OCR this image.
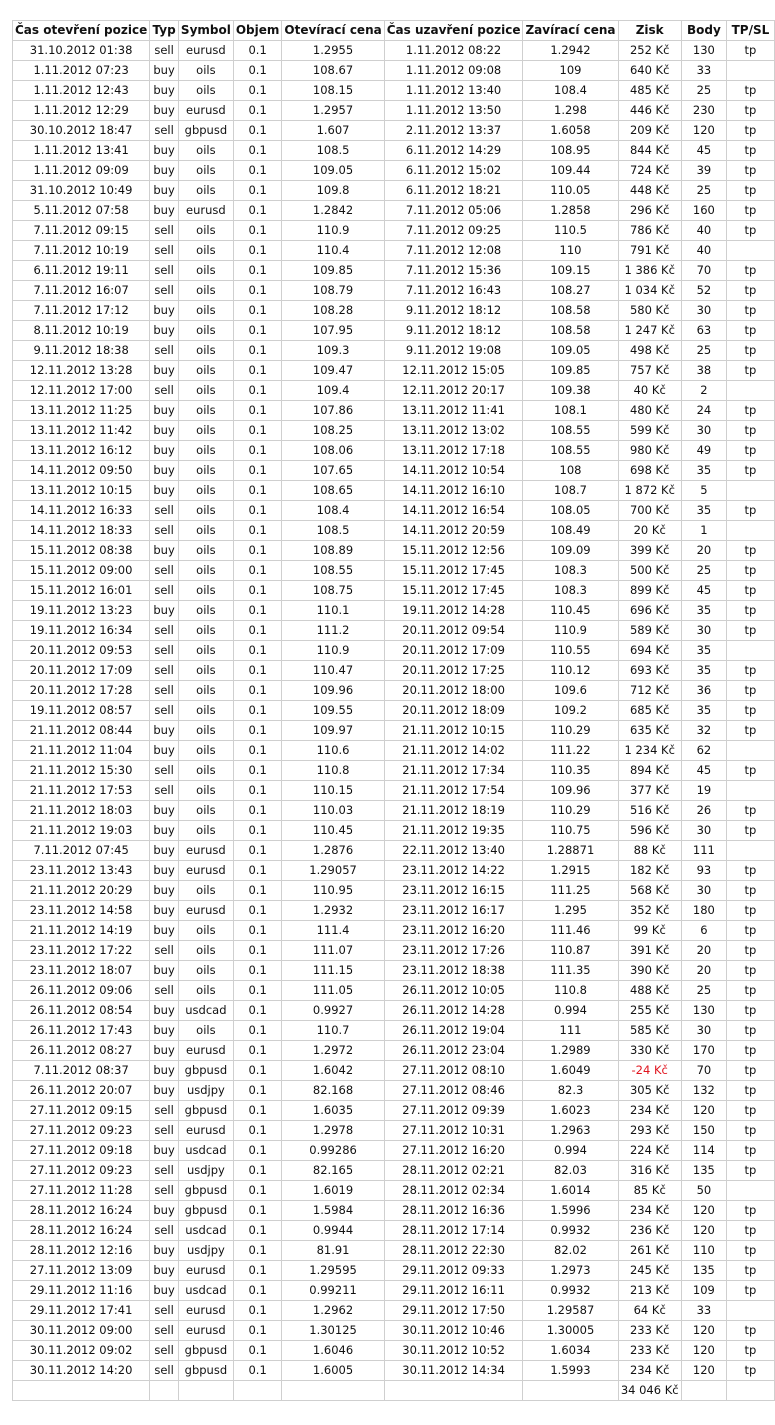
Čas otevření pozice	Typ	Symbol	Objem	Otevírací cena	Čas uzavření pozice	Zavírací cena	Zisk	Body	TP/SL
31.10.2012 01:38	sell	eurusd	0.1	1.2955	1.11.2012 08:22	1.2942	252 Kč	130	tp
1.11.2012 07:23	buy	oils	0.1	108.67	1.11.2012 09:08	109	640 Kč	33	
1.11.2012 12:43	buy	oils	0.1	108.15	1.11.2012 13:40	108.4	485 Kč	25	tp
1.11.2012 12:29	buy	eurusd	0.1	1.2957	1.11.2012 13:50	1.298	446 Kč	230	tp
30.10.2012 18:47	sell	gbpusd	0.1	1.607	2.11.2012 13:37	1.6058	209 Kč	120	tp
1.11.2012 13:41	buy	oils	0.1	108.5	6.11.2012 14:29	108.95	844 Kč	45	tp
1.11.2012 09:09	buy	oils	0.1	109.05	6.11.2012 15:02	109.44	724 Kč	39	tp
31.10.2012 10:49	buy	oils	0.1	109.8	6.11.2012 18:21	110.05	448 Kč	25	tp
5.11.2012 07:58	buy	eurusd	0.1	1.2842	7.11.2012 05:06	1.2858	296 Kč	160	tp
7.11.2012 09:15	sell	oils	0.1	110.9	7.11.2012 09:25	110.5	786 Kč	40	tp
7.11.2012 10:19	sell	oils	0.1	110.4	7.11.2012 12:08	110	791 Kč	40	
6.11.2012 19:11	sell	oils	0.1	109.85	7.11.2012 15:36	109.15	1 386 Kč	70	tp
7.11.2012 16:07	sell	oils	0.1	108.79	7.11.2012 16:43	108.27	1 034 Kč	52	tp
7.11.2012 17:12	buy	oils	0.1	108.28	9.11.2012 18:12	108.58	580 Kč	30	tp
8.11.2012 10:19	buy	oils	0.1	107.95	9.11.2012 18:12	108.58	1 247 Kč	63	tp
9.11.2012 18:38	sell	oils	0.1	109.3	9.11.2012 19:08	109.05	498 Kč	25	tp
12.11.2012 13:28	buy	oils	0.1	109.47	12.11.2012 15:05	109.85	757 Kč	38	tp
12.11.2012 17:00	sell	oils	0.1	109.4	12.11.2012 20:17	109.38	40 Kč	2	
13.11.2012 11:25	buy	oils	0.1	107.86	13.11.2012 11:41	108.1	480 Kč	24	tp
13.11.2012 11:42	buy	oils	0.1	108.25	13.11.2012 13:02	108.55	599 Kč	30	tp
13.11.2012 16:12	buy	oils	0.1	108.06	13.11.2012 17:18	108.55	980 Kč	49	tp
14.11.2012 09:50	buy	oils	0.1	107.65	14.11.2012 10:54	108	698 Kč	35	tp
13.11.2012 10:15	buy	oils	0.1	108.65	14.11.2012 16:10	108.7	1 872 Kč	5	
14.11.2012 16:33	sell	oils	0.1	108.4	14.11.2012 16:54	108.05	700 Kč	35	tp
14.11.2012 18:33	sell	oils	0.1	108.5	14.11.2012 20:59	108.49	20 Kč	1	
15.11.2012 08:38	buy	oils	0.1	108.89	15.11.2012 12:56	109.09	399 Kč	20	tp
15.11.2012 09:00	sell	oils	0.1	108.55	15.11.2012 17:45	108.3	500 Kč	25	tp
15.11.2012 16:01	sell	oils	0.1	108.75	15.11.2012 17:45	108.3	899 Kč	45	tp
19.11.2012 13:23	buy	oils	0.1	110.1	19.11.2012 14:28	110.45	696 Kč	35	tp
19.11.2012 16:34	sell	oils	0.1	111.2	20.11.2012 09:54	110.9	589 Kč	30	tp
20.11.2012 09:53	sell	oils	0.1	110.9	20.11.2012 17:09	110.55	694 Kč	35	
20.11.2012 17:09	sell	oils	0.1	110.47	20.11.2012 17:25	110.12	693 Kč	35	tp
20.11.2012 17:28	sell	oils	0.1	109.96	20.11.2012 18:00	109.6	712 Kč	36	tp
19.11.2012 08:57	sell	oils	0.1	109.55	20.11.2012 18:09	109.2	685 Kč	35	tp
21.11.2012 08:44	buy	oils	0.1	109.97	21.11.2012 10:15	110.29	635 Kč	32	tp
21.11.2012 11:04	buy	oils	0.1	110.6	21.11.2012 14:02	111.22	1 234 Kč	62	
21.11.2012 15:30	sell	oils	0.1	110.8	21.11.2012 17:34	110.35	894 Kč	45	tp
21.11.2012 17:53	sell	oils	0.1	110.15	21.11.2012 17:54	109.96	377 Kč	19	
21.11.2012 18:03	buy	oils	0.1	110.03	21.11.2012 18:19	110.29	516 Kč	26	tp
21.11.2012 19:03	buy	oils	0.1	110.45	21.11.2012 19:35	110.75	596 Kč	30	tp
7.11.2012 07:45	buy	eurusd	0.1	1.2876	22.11.2012 13:40	1.28871	88 Kč	111	
23.11.2012 13:43	buy	eurusd	0.1	1.29057	23.11.2012 14:22	1.2915	182 Kč	93	tp
21.11.2012 20:29	buy	oils	0.1	110.95	23.11.2012 16:15	111.25	568 Kč	30	tp
23.11.2012 14:58	buy	eurusd	0.1	1.2932	23.11.2012 16:17	1.295	352 Kč	180	tp
21.11.2012 14:19	buy	oils	0.1	111.4	23.11.2012 16:20	111.46	99 Kč	6	tp
23.11.2012 17:22	sell	oils	0.1	111.07	23.11.2012 17:26	110.87	391 Kč	20	tp
23.11.2012 18:07	buy	oils	0.1	111.15	23.11.2012 18:38	111.35	390 Kč	20	tp
26.11.2012 09:06	sell	oils	0.1	111.05	26.11.2012 10:05	110.8	488 Kč	25	tp
26.11.2012 08:54	buy	usdcad	0.1	0.9927	26.11.2012 14:28	0.994	255 Kč	130	tp
26.11.2012 17:43	buy	oils	0.1	110.7	26.11.2012 19:04	111	585 Kč	30	tp
26.11.2012 08:27	buy	eurusd	0.1	1.2972	26.11.2012 23:04	1.2989	330 Kč	170	tp
7.11.2012 08:37	buy	gbpusd	0.1	1.6042	27.11.2012 08:10	1.6049	-24 Kč	70	tp
26.11.2012 20:07	buy	usdjpy	0.1	82.168	27.11.2012 08:46	82.3	305 Kč	132	tp
27.11.2012 09:15	sell	gbpusd	0.1	1.6035	27.11.2012 09:39	1.6023	234 Kč	120	tp
27.11.2012 09:23	sell	eurusd	0.1	1.2978	27.11.2012 10:31	1.2963	293 Kč	150	tp
27.11.2012 09:18	buy	usdcad	0.1	0.99286	27.11.2012 16:20	0.994	224 Kč	114	tp
27.11.2012 09:23	sell	usdjpy	0.1	82.165	28.11.2012 02:21	82.03	316 Kč	135	tp
27.11.2012 11:28	sell	gbpusd	0.1	1.6019	28.11.2012 02:34	1.6014	85 Kč	50	
28.11.2012 16:24	buy	gbpusd	0.1	1.5984	28.11.2012 16:36	1.5996	234 Kč	120	tp
28.11.2012 16:24	sell	usdcad	0.1	0.9944	28.11.2012 17:14	0.9932	236 Kč	120	tp
28.11.2012 12:16	buy	usdjpy	0.1	81.91	28.11.2012 22:30	82.02	261 Kč	110	tp
27.11.2012 13:09	buy	eurusd	0.1	1.29595	29.11.2012 09:33	1.2973	245 Kč	135	tp
29.11.2012 11:16	buy	usdcad	0.1	0.99211	29.11.2012 16:11	0.9932	213 Kč	109	tp
29.11.2012 17:41	sell	eurusd	0.1	1.2962	29.11.2012 17:50	1.29587	64 Kč	33	
30.11.2012 09:00	sell	eurusd	0.1	1.30125	30.11.2012 10:46	1.30005	233 Kč	120	tp
30.11.2012 09:02	sell	gbpusd	0.1	1.6046	30.11.2012 10:52	1.6034	233 Kč	120	tp
30.11.2012 14:20	sell	gbpusd	0.1	1.6005	30.11.2012 14:34	1.5993	234 Kč	120	tp
							34 046 Kč		
